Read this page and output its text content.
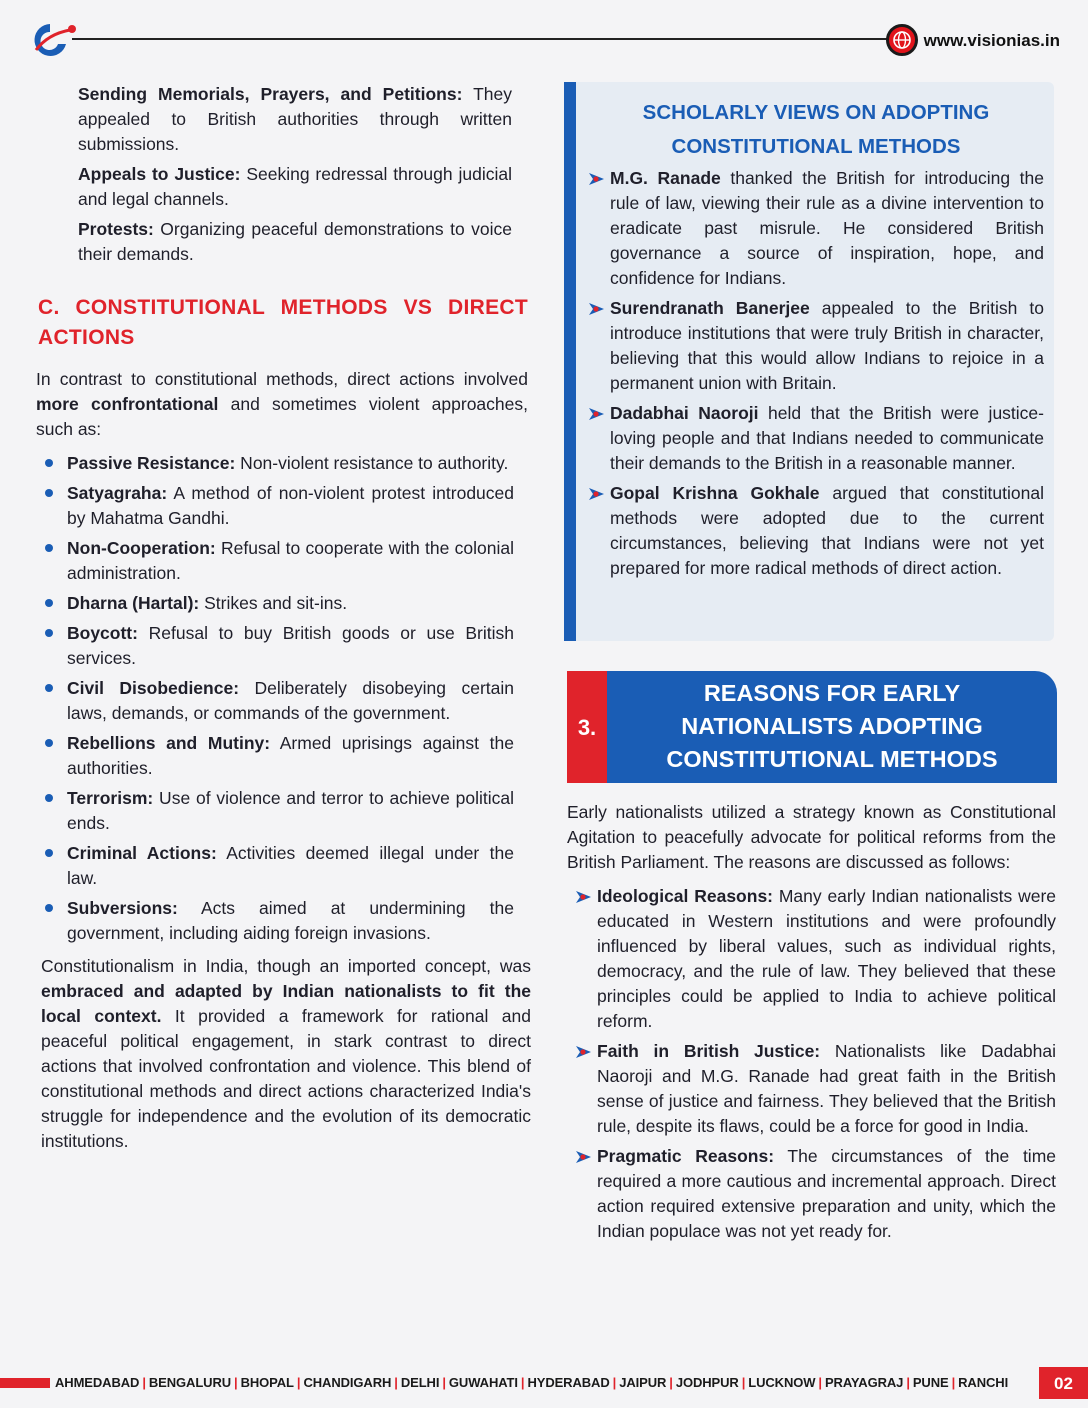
www.visionias.in

Sending Memorials, Prayers, and Petitions: They appealed to British authorities through written submissions.

Appeals to Justice: Seeking redressal through judicial and legal channels.

Protests: Organizing peaceful demonstrations to voice their demands.

C. CONSTITUTIONAL METHODS VS DIRECT ACTIONS

In contrast to constitutional methods, direct actions involved more confrontational and sometimes violent approaches, such as:

Passive Resistance: Non-violent resistance to authority.
Satyagraha: A method of non-violent protest introduced by Mahatma Gandhi.
Non-Cooperation: Refusal to cooperate with the colonial administration.
Dharna (Hartal): Strikes and sit-ins.
Boycott: Refusal to buy British goods or use British services.
Civil Disobedience: Deliberately disobeying certain laws, demands, or commands of the government.
Rebellions and Mutiny: Armed uprisings against the authorities.
Terrorism: Use of violence and terror to achieve political ends.
Criminal Actions: Activities deemed illegal under the law.
Subversions: Acts aimed at undermining the government, including aiding foreign invasions.

Constitutionalism in India, though an imported concept, was embraced and adapted by Indian nationalists to fit the local context. It provided a framework for rational and peaceful political engagement, in stark contrast to direct actions that involved confrontation and violence. This blend of constitutional methods and direct actions characterized India's struggle for independence and the evolution of its democratic institutions.

SCHOLARLY VIEWS ON ADOPTING
CONSTITUTIONAL METHODS
M.G. Ranade thanked the British for introducing the rule of law, viewing their rule as a divine intervention to eradicate past misrule. He considered British governance a source of inspiration, hope, and confidence for Indians.
Surendranath Banerjee appealed to the British to introduce institutions that were truly British in character, believing that this would allow Indians to rejoice in a permanent union with Britain.
Dadabhai Naoroji held that the British were justice-loving people and that Indians needed to communicate their demands to the British in a reasonable manner.
Gopal Krishna Gokhale argued that constitutional methods were adopted due to the current circumstances, believing that Indians were not yet prepared for more radical methods of direct action.
3.
REASONS FOR EARLY
NATIONALISTS ADOPTING
CONSTITUTIONAL METHODS

Early nationalists utilized a strategy known as Constitutional Agitation to peacefully advocate for political reforms from the British Parliament. The reasons are discussed as follows:

Ideological Reasons: Many early Indian nationalists were educated in Western institutions and were profoundly influenced by liberal values, such as individual rights, democracy, and the rule of law. They believed that these principles could be applied to India to achieve political reform.
Faith in British Justice: Nationalists like Dadabhai Naoroji and M.G. Ranade had great faith in the British sense of justice and fairness. They believed that the British rule, despite its flaws, could be a force for good in India.
Pragmatic Reasons: The circumstances of the time required a more cautious and incremental approach. Direct action required extensive preparation and unity, which the Indian populace was not yet ready for.
AHMEDABAD | BENGALURU | BHOPAL | CHANDIGARH | DELHI | GUWAHATI | HYDERABAD | JAIPUR | JODHPUR | LUCKNOW | PRAYAGRAJ | PUNE | RANCHI	02
